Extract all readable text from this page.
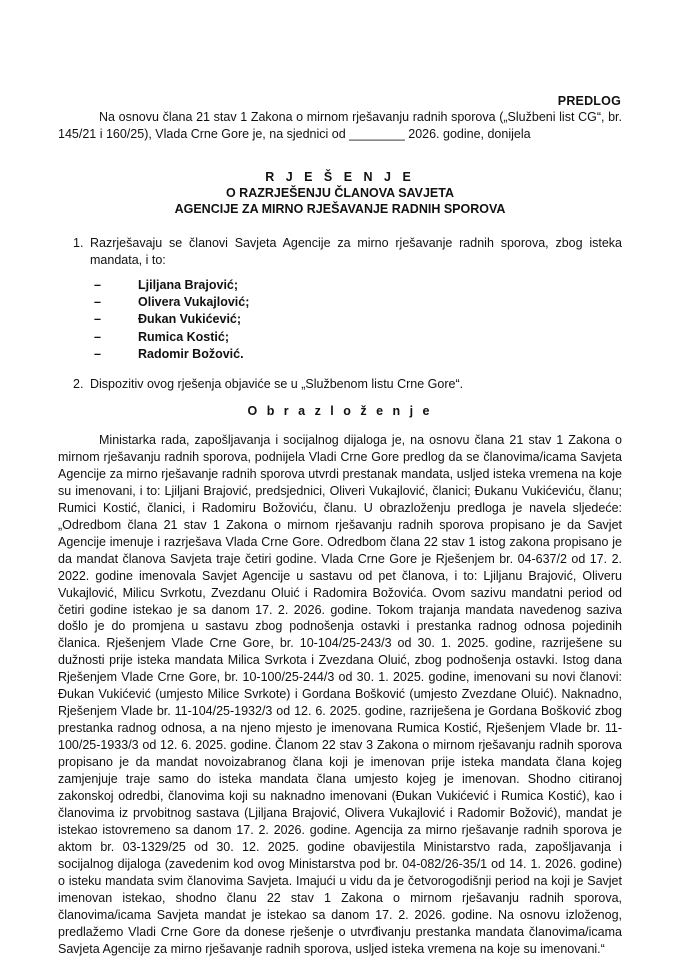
PREDLOG
Na osnovu člana 21 stav 1 Zakona o mirnom rješavanju radnih sporova („Službeni list CG“, br. 145/21 i 160/25), Vlada Crne Gore je, na sjednici od ________ 2026. godine, donijela
R J E Š E N J E
O RAZRJEŠENJU ČLANOVA SAVJETA
AGENCIJE ZA MIRNO RJEŠAVANJE RADNIH SPOROVA
1. Razrješavaju se članovi Savjeta Agencije za mirno rješavanje radnih sporova, zbog isteka mandata, i to:
–	Ljiljana Brajović;
–	Olivera Vukajlović;
–	Đukan Vukićević;
–	Rumica Kostić;
–	Radomir Božović.
2. Dispozitiv ovog rješenja objaviće se u „Službenom listu Crne Gore“.
O b r a z l o ž e n j e
Ministarka rada, zapošljavanja i socijalnog dijaloga je, na osnovu člana 21 stav 1 Zakona o mirnom rješavanju radnih sporova, podnijela Vladi Crne Gore predlog da se članovima/icama Savjeta Agencije za mirno rješavanje radnih sporova utvrdi prestanak mandata, usljed isteka vremena na koje su imenovani, i to: Ljiljani Brajović, predsjednici, Oliveri Vukajlović, članici; Đukanu Vukićeviću, članu; Rumici Kostić, članici, i Radomiru Božoviću, članu. U obrazloženju predloga je navela sljedeće: „Odredbom člana 21 stav 1 Zakona o mirnom rješavanju radnih sporova propisano je da Savjet Agencije imenuje i razrješava Vlada Crne Gore. Odredbom člana 22 stav 1 istog zakona propisano je da mandat članova Savjeta traje četiri godine. Vlada Crne Gore je Rješenjem br. 04-637/2 od 17. 2. 2022. godine imenovala Savjet Agencije u sastavu od pet članova, i to: Ljiljanu Brajović, Oliveru Vukajlović, Milicu Svrkotu, Zvezdanu Oluić i Radomira Božovića. Ovom sazivu mandatni period od četiri godine istekao je sa danom 17. 2. 2026. godine. Tokom trajanja mandata navedenog saziva došlo je do promjena u sastavu zbog podnošenja ostavki i prestanka radnog odnosa pojedinih članica. Rješenjem Vlade Crne Gore, br. 10-104/25-243/3 od 30. 1. 2025. godine, razriješene su dužnosti prije isteka mandata Milica Svrkota i Zvezdana Oluić, zbog podnošenja ostavki. Istog dana Rješenjem Vlade Crne Gore, br. 10-100/25-244/3 od 30. 1. 2025. godine, imenovani su novi članovi: Đukan Vukićević (umjesto Milice Svrkote) i Gordana Bošković (umjesto Zvezdane Oluić). Naknadno, Rješenjem Vlade br. 11-104/25-1932/3 od 12. 6. 2025. godine, razriješena je Gordana Bošković zbog prestanka radnog odnosa, a na njeno mjesto je imenovana Rumica Kostić, Rješenjem Vlade br. 11-100/25-1933/3 od 12. 6. 2025. godine. Članom 22 stav 3 Zakona o mirnom rješavanju radnih sporova propisano je da mandat novoizabranog člana koji je imenovan prije isteka mandata člana kojeg zamjenjuje traje samo do isteka mandata člana umjesto kojeg je imenovan. Shodno citiranoj zakonskoj odredbi, članovima koji su naknadno imenovani (Đukan Vukićević i Rumica Kostić), kao i članovima iz prvobitnog sastava (Ljiljana Brajović, Olivera Vukajlović i Radomir Božović), mandat je istekao istovremeno sa danom 17. 2. 2026. godine. Agencija za mirno rješavanje radnih sporova je aktom br. 03-1329/25 od 30. 12. 2025. godine obavijestila Ministarstvo rada, zapošljavanja i socijalnog dijaloga (zavedenim kod ovog Ministarstva pod br. 04-082/26-35/1 od 14. 1. 2026. godine) o isteku mandata svim članovima Savjeta. Imajući u vidu da je četvorogodišnji period na koji je Savjet imenovan istekao, shodno članu 22 stav 1 Zakona o mirnom rješavanju radnih sporova, članovima/icama Savjeta mandat je istekao sa danom 17. 2. 2026. godine. Na osnovu izloženog, predlažemo Vladi Crne Gore da donese rješenje o utvrđivanju prestanka mandata članovima/icama Savjeta Agencije za mirno rješavanje radnih sporova, usljed isteka vremena na koje su imenovani.“
